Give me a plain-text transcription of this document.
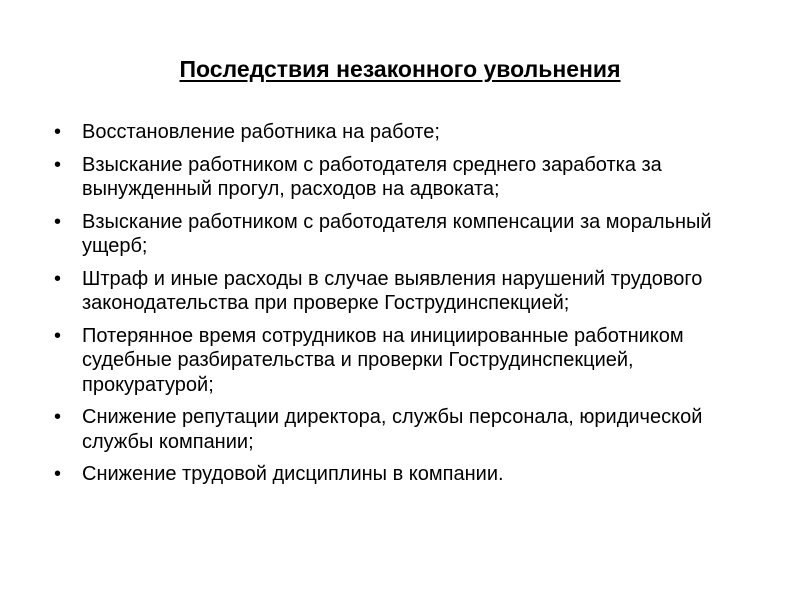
Последствия незаконного увольнения
• Восстановление работника на работе;
• Взыскание работником с работодателя среднего заработка за вынужденный прогул, расходов на адвоката;
• Взыскание работником с работодателя компенсации за моральный ущерб;
• Штраф и иные расходы в случае выявления нарушений трудового законодательства при проверке Гострудинспекцией;
• Потерянное время сотрудников на инициированные работником судебные разбирательства и проверки Гострудинспекцией, прокуратурой;
• Снижение репутации директора, службы персонала, юридической службы компании;
• Снижение трудовой дисциплины в компании.
